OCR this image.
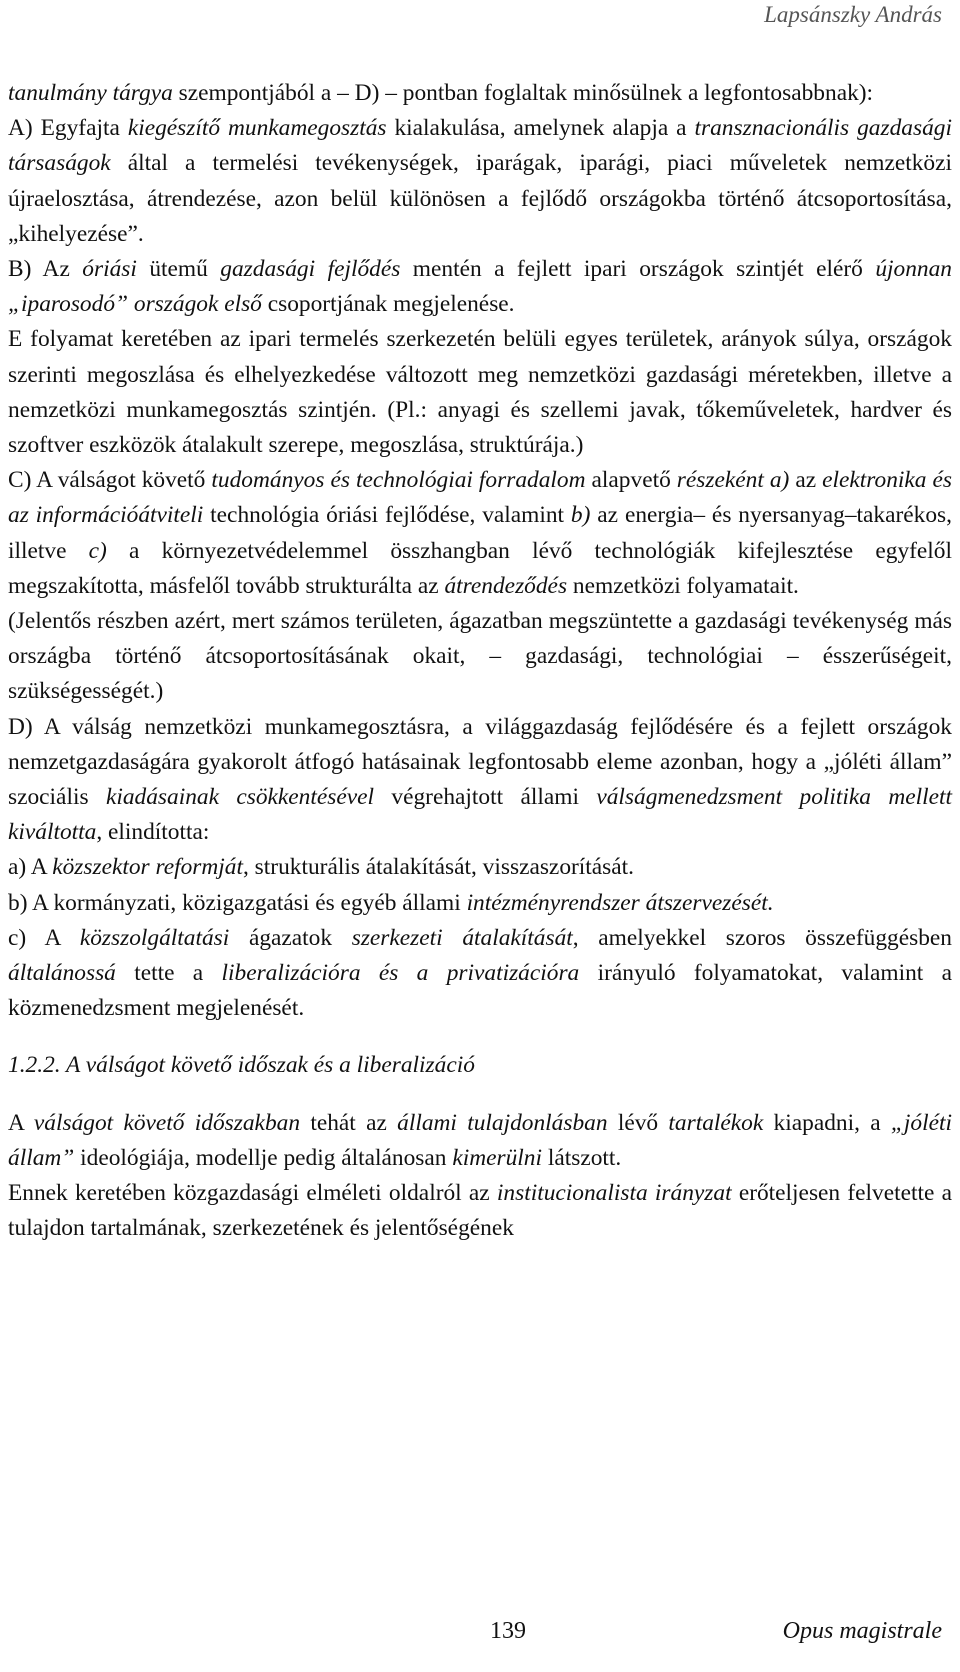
Lapsánszky András

tanulmány tárgya szempontjából a – D) – pontban foglaltak minősülnek a legfontosabbnak):

A) Egyfajta kiegészítő munkamegosztás kialakulása, amelynek alapja a transznacionális gazdasági társaságok által a termelési tevékenységek, iparágak, iparági, piaci műveletek nemzetközi újraelosztása, átrendezése, azon belül különösen a fejlődő országokba történő átcsoportosítása, „kihelyezése”.

B) Az óriási ütemű gazdasági fejlődés mentén a fejlett ipari országok szintjét elérő újonnan „iparosodó” országok első csoportjának megjelenése.

E folyamat keretében az ipari termelés szerkezetén belüli egyes területek, arányok súlya, országok szerinti megoszlása és elhelyezkedése változott meg nemzetközi gazdasági méretekben, illetve a nemzetközi munkamegosztás szintjén. (Pl.: anyagi és szellemi javak, tőkeműveletek, hardver és szoftver eszközök átalakult szerepe, megoszlása, struktúrája.)

C) A válságot követő tudományos és technológiai forradalom alapvető részeként a) az elektronika és az információátviteli technológia óriási fejlődése, valamint b) az energia– és nyersanyag–takarékos, illetve c) a környezetvédelemmel összhangban lévő technológiák kifejlesztése egyfelől megszakította, másfelől tovább strukturálta az átrendeződés nemzetközi folyamatait.

(Jelentős részben azért, mert számos területen, ágazatban megszüntette a gazdasági tevékenység más országba történő átcsoportosításának okait, – gazdasági, technológiai – ésszerűségeit, szükségességét.)

D) A válság nemzetközi munkamegosztásra, a világgazdaság fejlődésére és a fejlett országok nemzetgazdaságára gyakorolt átfogó hatásainak legfontosabb eleme azonban, hogy a „jóléti állam” szociális kiadásainak csökkentésével végrehajtott állami válságmenedzsment politika mellett kiváltotta, elindította:

a) A közszektor reformját, strukturális átalakítását, visszaszorítását.

b) A kormányzati, közigazgatási és egyéb állami intézményrendszer átszervezését.

c) A közszolgáltatási ágazatok szerkezeti átalakítását, amelyekkel szoros összefüggésben általánossá tette a liberalizációra és a privatizációra irányuló folyamatokat, valamint a közmenedzsment megjelenését.

1.2.2. A válságot követő időszak és a liberalizáció

A válságot követő időszakban tehát az állami tulajdonlásban lévő tartalékok kiapadni, a „jóléti állam” ideológiája, modellje pedig általánosan kimerülni látszott.

Ennek keretében közgazdasági elméleti oldalról az institucionalista irányzat erőteljesen felvetette a tulajdon tartalmának, szerkezetének és jelentőségének

139	Opus magistrale
